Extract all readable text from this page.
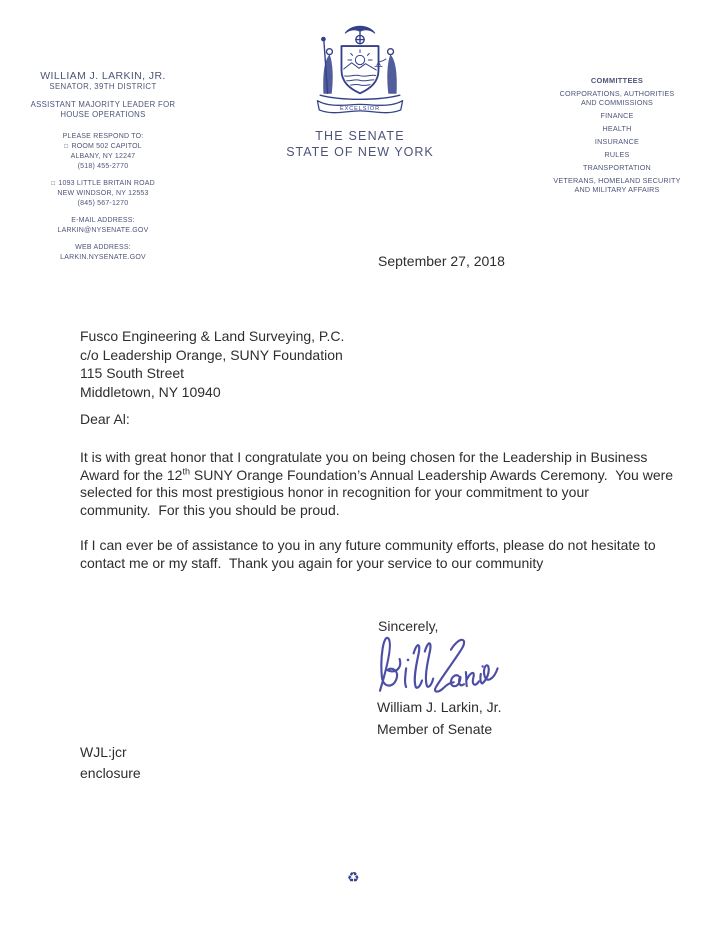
WILLIAM J. LARKIN, JR.
SENATOR, 39TH DISTRICT
ASSISTANT MAJORITY LEADER FOR HOUSE OPERATIONS
PLEASE RESPOND TO:
□ ROOM 502 CAPITOL
ALBANY, NY 12247
(518) 455-2770
□ 1093 LITTLE BRITAIN ROAD
NEW WINDSOR, NY 12553
(845) 567-1270
E-MAIL ADDRESS:
LARKIN@NYSENATE.GOV
WEB ADDRESS:
LARKIN.NYSENATE.GOV
EXCELSIOR
THE SENATE
STATE OF NEW YORK
COMMITTEES
CORPORATIONS, AUTHORITIES AND COMMISSIONS
FINANCE
HEALTH
INSURANCE
RULES
TRANSPORTATION
VETERANS, HOMELAND SECURITY AND MILITARY AFFAIRS
September 27, 2018
Fusco Engineering & Land Surveying, P.C.
c/o Leadership Orange, SUNY Foundation
115 South Street
Middletown, NY 10940
Dear Al:
It is with great honor that I congratulate you on being chosen for the Leadership in Business
Award for the 12th SUNY Orange Foundation’s Annual Leadership Awards Ceremony.  You were
selected for this most prestigious honor in recognition for your commitment to your
community.  For this you should be proud.
If I can ever be of assistance to you in any future community efforts, please do not hesitate to
contact me or my staff.  Thank you again for your service to our community
Sincerely,
William J. Larkin, Jr.
Member of Senate
WJL:jcr
enclosure
♻
